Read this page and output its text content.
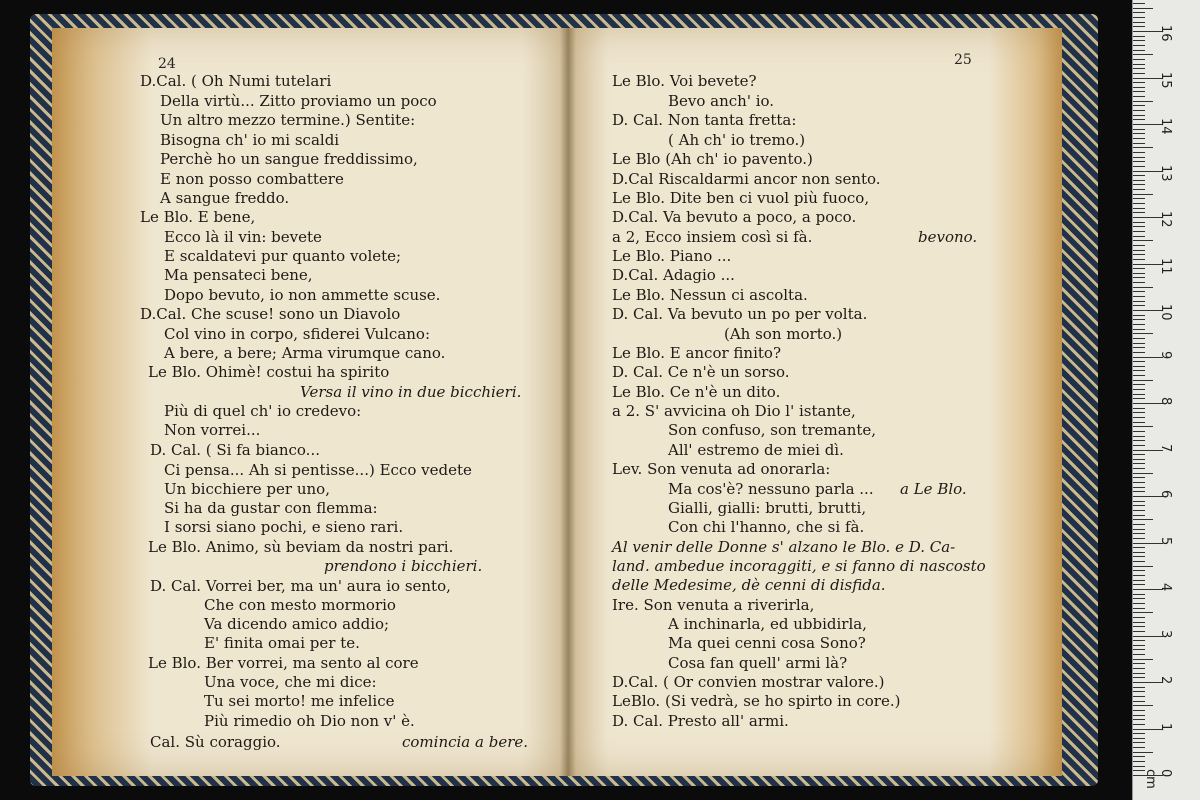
24	25
D.Cal. ( Oh Numi tutelari
Della virtù... Zitto proviamo un poco
Un altro mezzo termine.) Sentite:
Bisogna ch' io mi scaldi
Perchè ho un sangue freddissimo,
E non posso combattere
A sangue freddo.
Le Blo. E bene,
Ecco là il vin: bevete
E scaldatevi pur quanto volete;
Ma pensateci bene,
Dopo bevuto, io non ammette scuse.
D.Cal. Che scuse! sono un Diavolo
Col vino in corpo, sfiderei Vulcano:
A bere, a bere; Arma virumque cano.
Le Blo. Ohimè! costui ha spirito
Versa il vino in due bicchieri.
Più di quel ch' io credevo:
Non vorrei...
D. Cal. ( Si fa bianco...
Ci pensa... Ah si pentisse...) Ecco vedete
Un bicchiere per uno,
Si ha da gustar con flemma:
I sorsi siano pochi, e sieno rari.
Le Blo. Animo, sù beviam da nostri pari.
prendono i bicchieri.
D. Cal. Vorrei ber, ma un' aura io sento,
Che con mesto mormorio
Va dicendo amico addio;
E' finita omai per te.
Le Blo. Ber vorrei, ma sento al core
Una voce, che mi dice:
Tu sei morto! me infelice
Più rimedio oh Dio non v' è.
Cal. Sù coraggio.	comincia a bere.
Le Blo. Voi bevete?
Bevo anch' io.
D. Cal. Non tanta fretta:
( Ah ch' io tremo.)
Le Blo (Ah ch' io pavento.)
D.Cal Riscaldarmi ancor non sento.
Le Blo. Dite ben ci vuol più fuoco,
D.Cal. Va bevuto a poco, a poco.
a 2, Ecco insiem così si fà.	bevono.
Le Blo. Piano ...
D.Cal. Adagio ...
Le Blo. Nessun ci ascolta.
D. Cal. Va bevuto un po per volta.
(Ah son morto.)
Le Blo. E ancor finito?
D. Cal. Ce n'è un sorso.
Le Blo. Ce n'è un dito.
a 2. S' avvicina oh Dio l' istante,
Son confuso, son tremante,
All' estremo de miei dì.
Lev. Son venuta ad onorarla:
Ma cos'è? nessuno parla ... a Le Blo.
Gialli, gialli: brutti, brutti,
Con chi l'hanno, che si fà.
Al venir delle Donne s' alzano le Blo. e D. Ca-
land. ambedue incoraggiti, e si fanno di nascosto
delle Medesime, dè cenni di disfida.
Ire. Son venuta a riverirla,
A inchinarla, ed ubbidirla,
Ma quei cenni cosa Sono?
Cosa fan quell' armi là?
D.Cal. ( Or convien mostrar valore.)
LeBlo. (Si vedrà, se ho spirto in core.)
D. Cal. Presto all' armi.
0 cm
1
2
3
4
5
6
7
8
9
10
11
12
13
14
15
16
